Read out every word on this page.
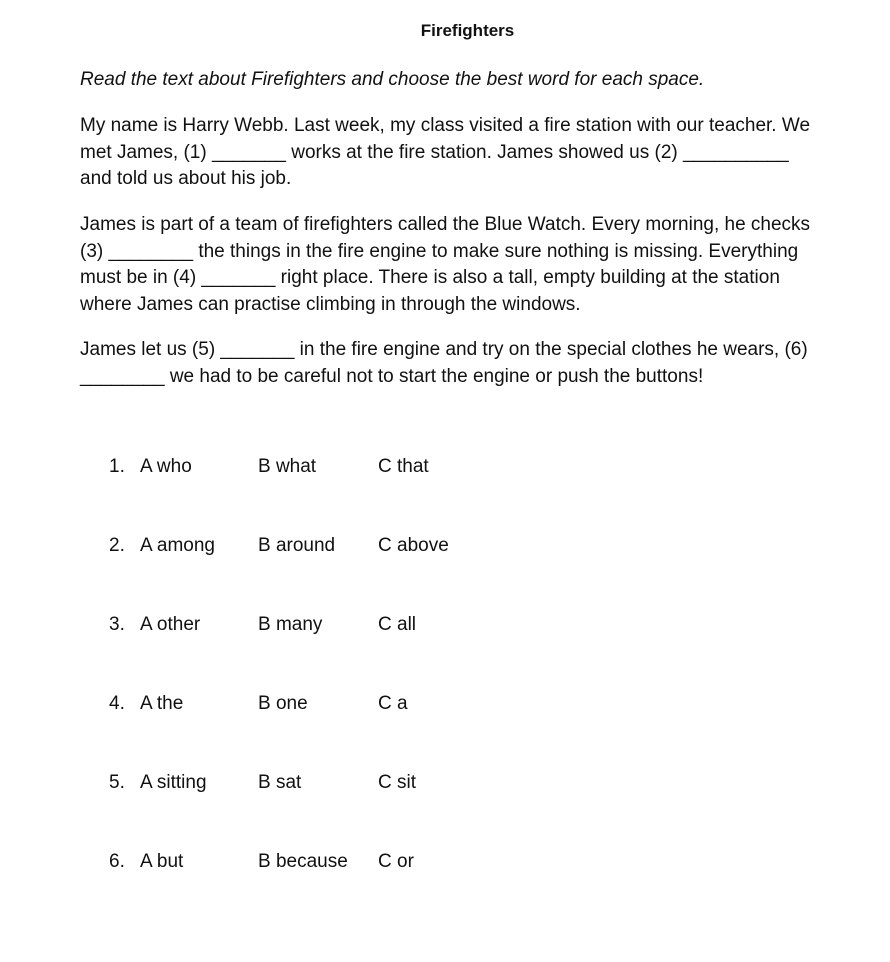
Firefighters
Read the text about Firefighters and choose the best word for each space.
My name is Harry Webb. Last week, my class visited a fire station with our teacher. We
met James, (1) _______ works at the fire station. James showed us (2) __________
and told us about his job.
James is part of a team of firefighters called the Blue Watch. Every morning, he checks
(3) ________ the things in the fire engine to make sure nothing is missing. Everything
must be in (4) _______ right place. There is also a tall, empty building at the station
where James can practise climbing in through the windows.
James let us (5) _______ in the fire engine and try on the special clothes he wears, (6)
________ we had to be careful not to start the engine or push the buttons!
1. A who	B what	C that
2. A among B around C above
3. A other	B many	C all
4. A the	B one	C a
5. A sitting	B sat	C sit
6. A but	B because C or
